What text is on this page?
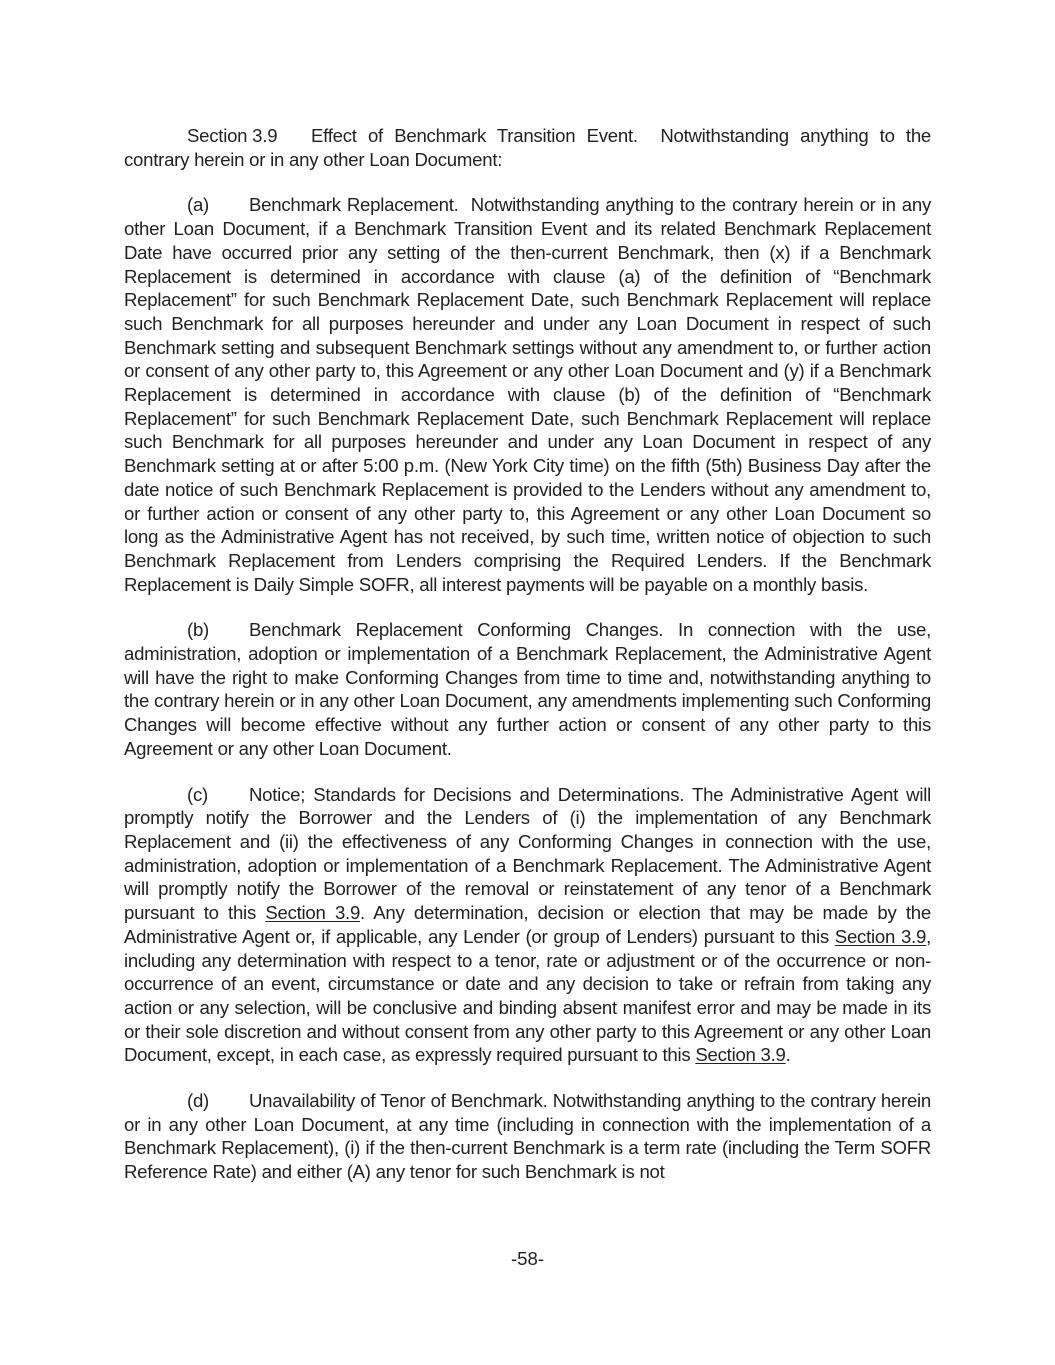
Section 3.9 Effect of Benchmark Transition Event. Notwithstanding anything to the contrary herein or in any other Loan Document:

(a) Benchmark Replacement. Notwithstanding anything to the contrary herein or in any other Loan Document, if a Benchmark Transition Event and its related Benchmark Replacement Date have occurred prior any setting of the then-current Benchmark, then (x) if a Benchmark Replacement is determined in accordance with clause (a) of the definition of “Benchmark Replacement” for such Benchmark Replacement Date, such Benchmark Replacement will replace such Benchmark for all purposes hereunder and under any Loan Document in respect of such Benchmark setting and subsequent Benchmark settings without any amendment to, or further action or consent of any other party to, this Agreement or any other Loan Document and (y) if a Benchmark Replacement is determined in accordance with clause (b) of the definition of “Benchmark Replacement” for such Benchmark Replacement Date, such Benchmark Replacement will replace such Benchmark for all purposes hereunder and under any Loan Document in respect of any Benchmark setting at or after 5:00 p.m. (New York City time) on the fifth (5th) Business Day after the date notice of such Benchmark Replacement is provided to the Lenders without any amendment to, or further action or consent of any other party to, this Agreement or any other Loan Document so long as the Administrative Agent has not received, by such time, written notice of objection to such Benchmark Replacement from Lenders comprising the Required Lenders. If the Benchmark Replacement is Daily Simple SOFR, all interest payments will be payable on a monthly basis.

(b) Benchmark Replacement Conforming Changes. In connection with the use, administration, adoption or implementation of a Benchmark Replacement, the Administrative Agent will have the right to make Conforming Changes from time to time and, notwithstanding anything to the contrary herein or in any other Loan Document, any amendments implementing such Conforming Changes will become effective without any further action or consent of any other party to this Agreement or any other Loan Document.

(c) Notice; Standards for Decisions and Determinations. The Administrative Agent will promptly notify the Borrower and the Lenders of (i) the implementation of any Benchmark Replacement and (ii) the effectiveness of any Conforming Changes in connection with the use, administration, adoption or implementation of a Benchmark Replacement. The Administrative Agent will promptly notify the Borrower of the removal or reinstatement of any tenor of a Benchmark pursuant to this Section 3.9. Any determination, decision or election that may be made by the Administrative Agent or, if applicable, any Lender (or group of Lenders) pursuant to this Section 3.9, including any determination with respect to a tenor, rate or adjustment or of the occurrence or non-occurrence of an event, circumstance or date and any decision to take or refrain from taking any action or any selection, will be conclusive and binding absent manifest error and may be made in its or their sole discretion and without consent from any other party to this Agreement or any other Loan Document, except, in each case, as expressly required pursuant to this Section 3.9.

(d) Unavailability of Tenor of Benchmark. Notwithstanding anything to the contrary herein or in any other Loan Document, at any time (including in connection with the implementation of a Benchmark Replacement), (i) if the then-current Benchmark is a term rate (including the Term SOFR Reference Rate) and either (A) any tenor for such Benchmark is not

-58-
